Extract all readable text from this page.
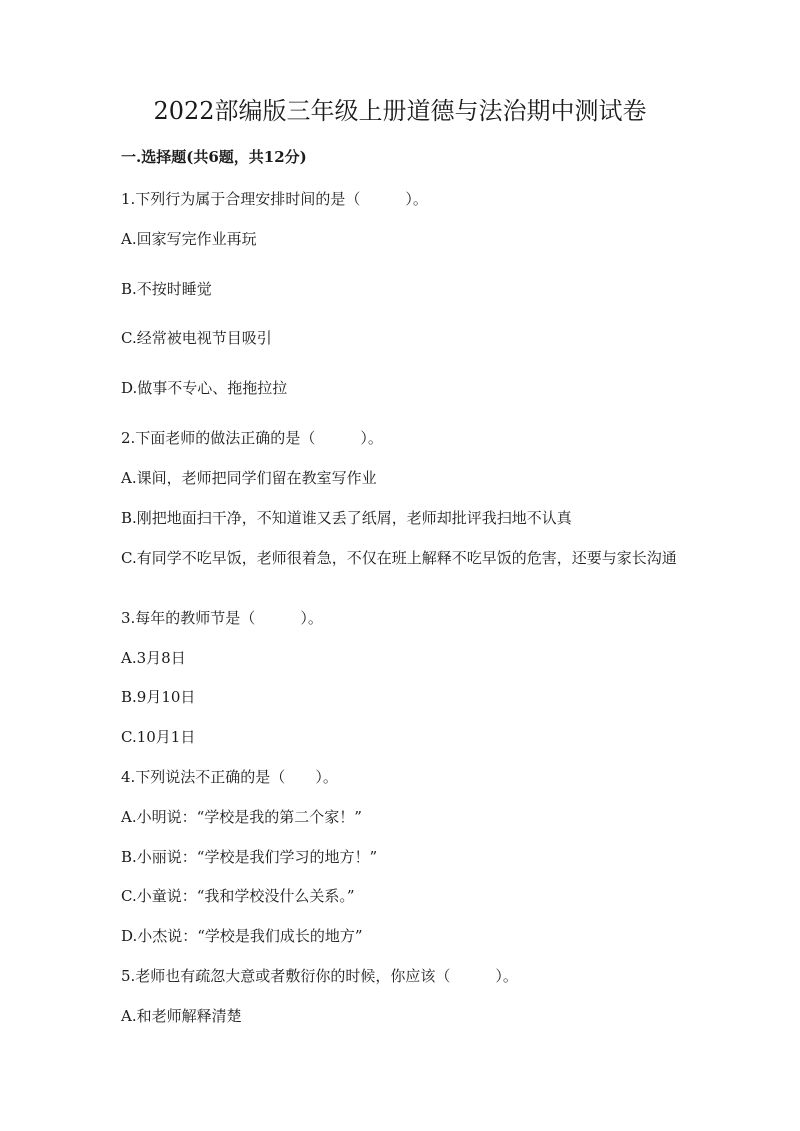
2022部编版三年级上册道德与法治期中测试卷

一.选择题(共6题，共12分)

1.下列行为属于合理安排时间的是（　　　）。

A.回家写完作业再玩

B.不按时睡觉

C.经常被电视节目吸引

D.做事不专心、拖拖拉拉

2.下面老师的做法正确的是（　　　）。

A.课间，老师把同学们留在教室写作业

B.刚把地面扫干净，不知道谁又丢了纸屑，老师却批评我扫地不认真

C.有同学不吃早饭，老师很着急，不仅在班上解释不吃早饭的危害，还要与家长沟通

3.每年的教师节是（　　　）。

A.3月8日

B.9月10日

C.10月1日

4.下列说法不正确的是（　　）。

A.小明说：“学校是我的第二个家！”

B.小丽说：“学校是我们学习的地方！”

C.小童说：“我和学校没什么关系。”

D.小杰说：“学校是我们成长的地方”

5.老师也有疏忽大意或者敷衍你的时候，你应该（　　　）。

A.和老师解释清楚
